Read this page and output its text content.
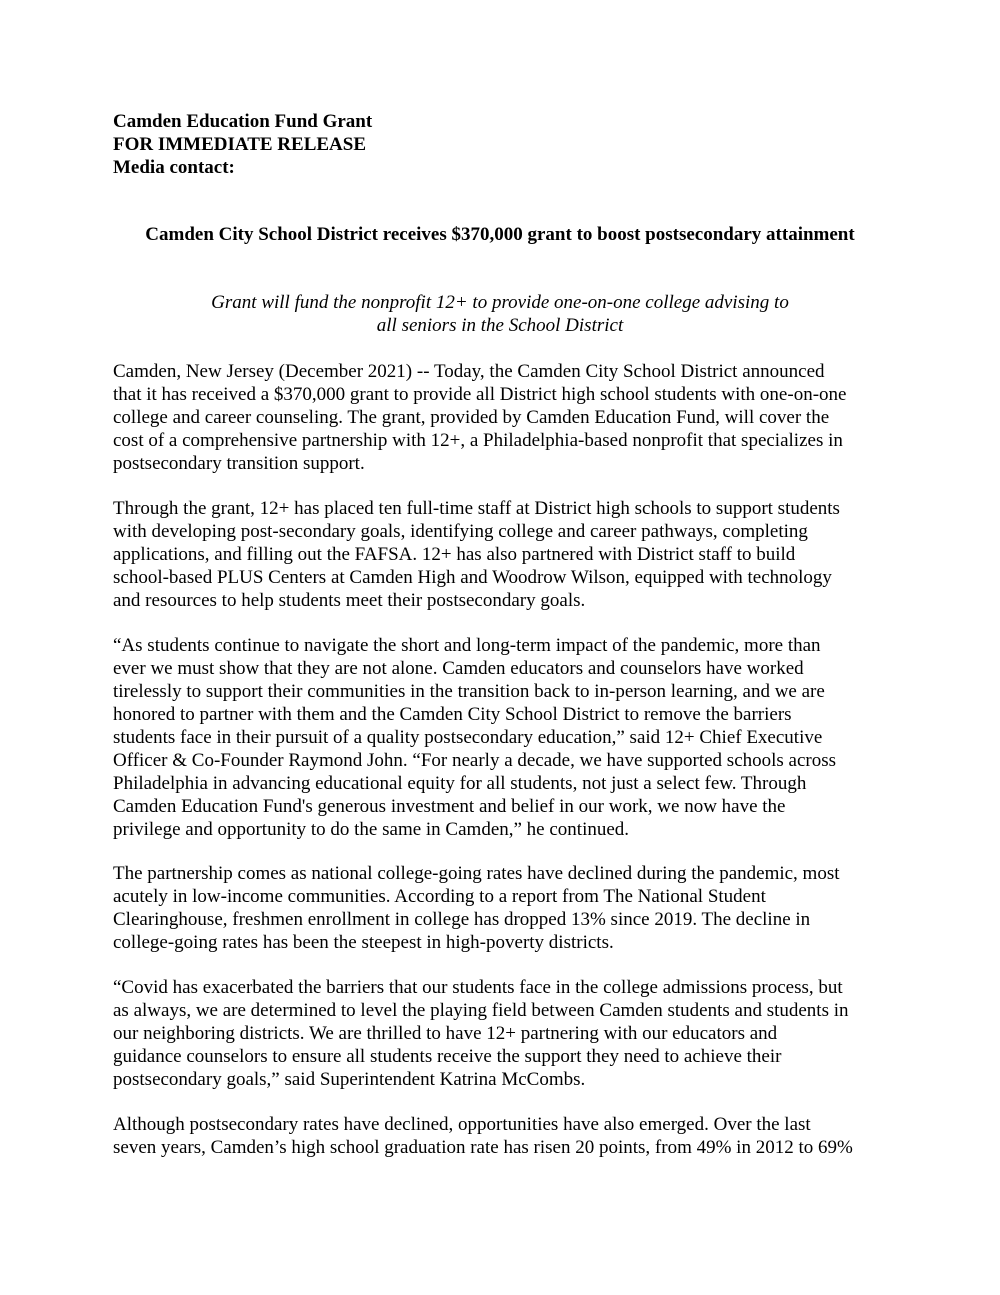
Camden Education Fund Grant
FOR IMMEDIATE RELEASE
Media contact:
Camden City School District receives $370,000 grant to boost postsecondary attainment
Grant will fund the nonprofit 12+ to provide one-on-one college advising to
all seniors in the School District
Camden, New Jersey (December 2021) -- Today, the Camden City School District announced
that it has received a $370,000 grant to provide all District high school students with one-on-one
college and career counseling. The grant, provided by Camden Education Fund, will cover the
cost of a comprehensive partnership with 12+, a Philadelphia-based nonprofit that specializes in
postsecondary transition support.
Through the grant, 12+ has placed ten full-time staff at District high schools to support students
with developing post-secondary goals, identifying college and career pathways, completing
applications, and filling out the FAFSA. 12+ has also partnered with District staff to build
school-based PLUS Centers at Camden High and Woodrow Wilson, equipped with technology
and resources to help students meet their postsecondary goals.
“As students continue to navigate the short and long-term impact of the pandemic, more than
ever we must show that they are not alone. Camden educators and counselors have worked
tirelessly to support their communities in the transition back to in-person learning, and we are
honored to partner with them and the Camden City School District to remove the barriers
students face in their pursuit of a quality postsecondary education,” said 12+ Chief Executive
Officer & Co-Founder Raymond John. “For nearly a decade, we have supported schools across
Philadelphia in advancing educational equity for all students, not just a select few. Through
Camden Education Fund's generous investment and belief in our work, we now have the
privilege and opportunity to do the same in Camden,” he continued.
The partnership comes as national college-going rates have declined during the pandemic, most
acutely in low-income communities. According to a report from The National Student
Clearinghouse, freshmen enrollment in college has dropped 13% since 2019. The decline in
college-going rates has been the steepest in high-poverty districts.
“Covid has exacerbated the barriers that our students face in the college admissions process, but
as always, we are determined to level the playing field between Camden students and students in
our neighboring districts. We are thrilled to have 12+ partnering with our educators and
guidance counselors to ensure all students receive the support they need to achieve their
postsecondary goals,” said Superintendent Katrina McCombs.
Although postsecondary rates have declined, opportunities have also emerged. Over the last
seven years, Camden’s high school graduation rate has risen 20 points, from 49% in 2012 to 69%
